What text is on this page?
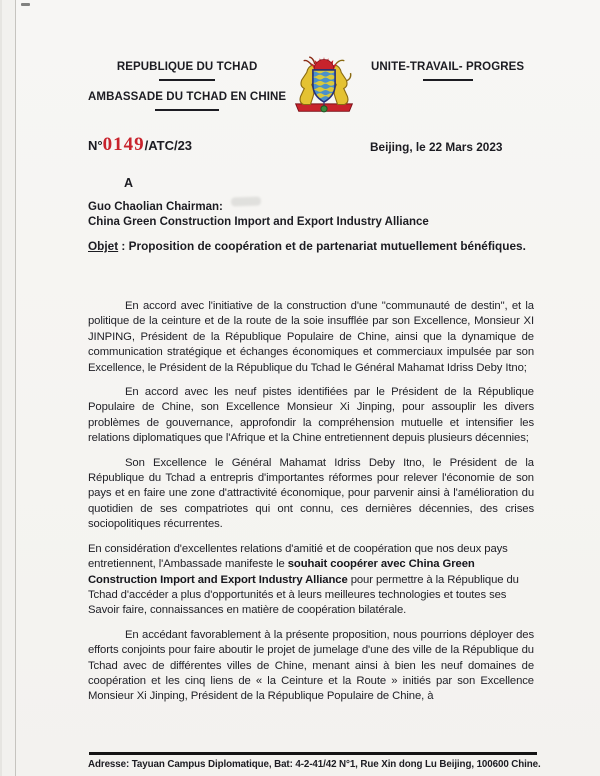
REPUBLIQUE DU TCHAD
AMBASSADE DU TCHAD EN CHINE
UNITE-TRAVAIL- PROGRES
N° 0149 /ATC/23	Beijing, le 22 Mars 2023
A
Guo Chaolian Chairman:
China Green Construction Import and Export Industry Alliance
Objet : Proposition de coopération et de partenariat mutuellement bénéfiques.

En accord avec l'initiative de la construction d'une "communauté de destin", et la politique de la ceinture et de la route de la soie insufflée par son Excellence, Monsieur XI JINPING, Président de la République Populaire de Chine, ainsi que la dynamique de communication stratégique et échanges économiques et commerciaux impulsée par son Excellence, le Président de la République du Tchad le Général Mahamat Idriss Deby Itno;

En accord avec les neuf pistes identifiées par le Président de la République Populaire de Chine, son Excellence Monsieur Xi Jinping, pour assouplir les divers problèmes de gouvernance, approfondir la compréhension mutuelle et intensifier les relations diplomatiques que l'Afrique et la Chine entretiennent depuis plusieurs décennies;

Son Excellence le Général Mahamat Idriss Deby Itno, le Président de la République du Tchad a entrepris d'importantes réformes pour relever l'économie de son pays et en faire une zone d'attractivité économique, pour parvenir ainsi à l'amélioration du quotidien de ses compatriotes qui ont connu, ces dernières décennies, des crises sociopolitiques récurrentes.

En considération d'excellentes relations d'amitié et de coopération que nos deux pays entretiennent, l'Ambassade manifeste le souhait coopérer avec China Green Construction Import and Export Industry Alliance pour permettre à la République du Tchad d'accéder a plus d'opportunités et à leurs meilleures technologies et toutes ses Savoir faire, connaissances en matière de coopération bilatérale.

En accédant favorablement à la présente proposition, nous pourrions déployer des efforts conjoints pour faire aboutir le projet de jumelage d'une des ville de la République du Tchad avec de différentes villes de Chine, menant ainsi à bien les neuf domaines de coopération et les cinq liens de « la Ceinture et la Route » initiés par son Excellence Monsieur Xi Jinping, Président de la République Populaire de Chine, à

Adresse: Tayuan Campus Diplomatique, Bat: 4-2-41/42 N°1, Rue Xin dong Lu Beijing, 100600 Chine.
